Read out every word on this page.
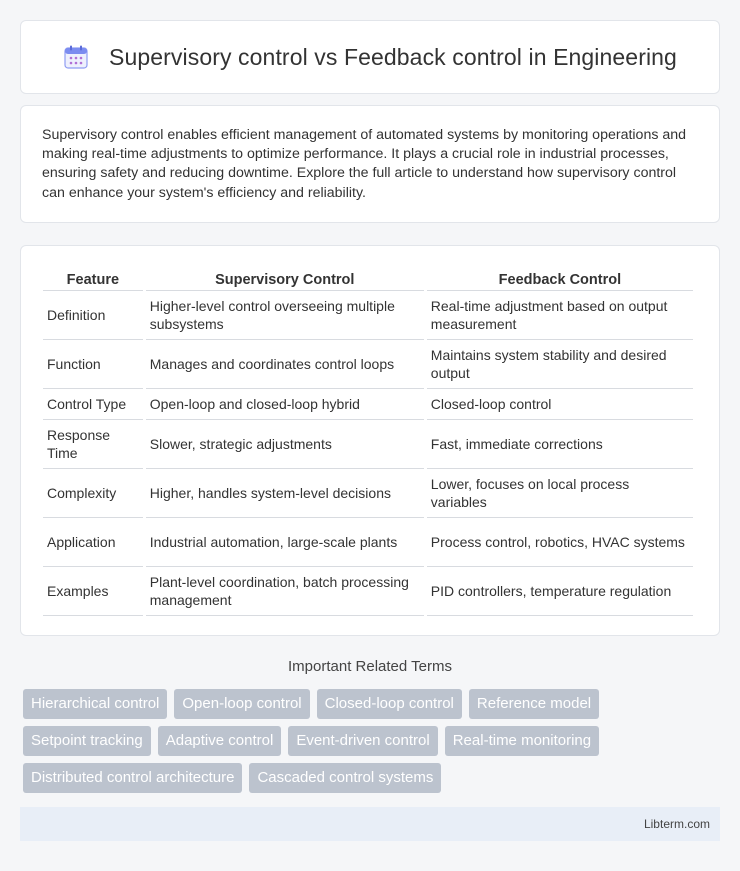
Supervisory control vs Feedback control in Engineering

Supervisory control enables efficient management of automated systems by monitoring operations and making real-time adjustments to optimize performance. It plays a crucial role in industrial processes, ensuring safety and reducing downtime. Explore the full article to understand how supervisory control can enhance your system's efficiency and reliability.

Feature	Supervisory Control	Feedback Control
Definition	Higher-level control overseeing multiple subsystems	Real-time adjustment based on output measurement
Function	Manages and coordinates control loops	Maintains system stability and desired output
Control Type	Open-loop and closed-loop hybrid	Closed-loop control
Response Time	Slower, strategic adjustments	Fast, immediate corrections
Complexity	Higher, handles system-level decisions	Lower, focuses on local process variables
Application	Industrial automation, large-scale plants	Process control, robotics, HVAC systems
Examples	Plant-level coordination, batch processing management	PID controllers, temperature regulation
Important Related Terms
Hierarchical control	Open-loop control	Closed-loop control	Reference model
Setpoint tracking	Adaptive control	Event-driven control	Real-time monitoring
Distributed control architecture	Cascaded control systems
Libterm.com
